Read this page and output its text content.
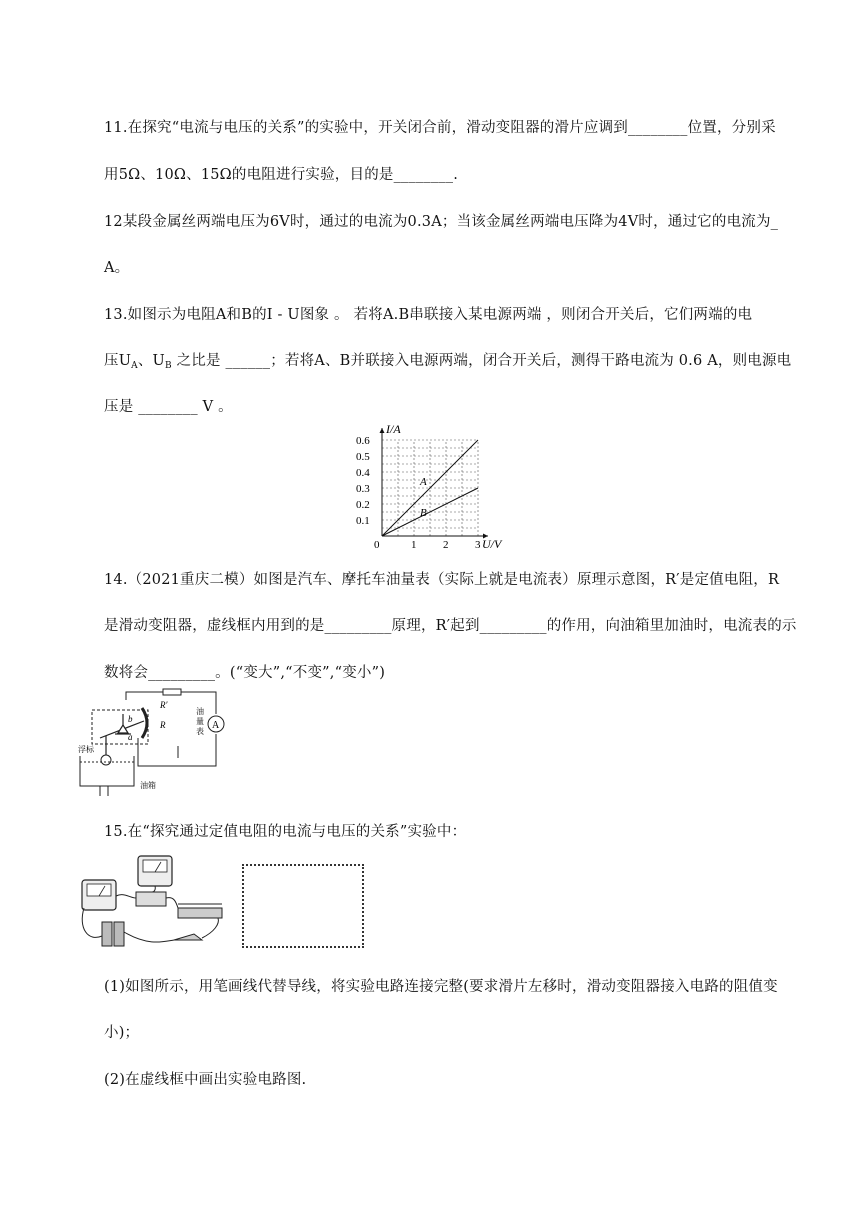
11.在探究“电流与电压的关系”的实验中，开关闭合前，滑动变阻器的滑片应调到________位置，分别采
用5Ω、10Ω、15Ω的电阻进行实验，目的是________.
12某段金属丝两端电压为6V时，通过的电流为0.3A；当该金属丝两端电压降为4V时，通过它的电流为_
A。
13.如图示为电阻A和B的I - U图象 。 若将A.B串联接入某电源两端 ，则闭合开关后，它们两端的电
压$U_A$、$U_B$ 之比是 ______；若将A、B并联接入电源两端，闭合开关后，测得干路电流为 0.6 A，则电源电
压是 ________ V 。
1 2 3
0.1
0.2
0.3
0.4
0.5
0.6
A
B
I/A
U/V
0
14.（2021重庆二模）如图是汽车、摩托车油量表（实际上就是电流表）原理示意图，R′是定值电阻，R
是滑动变阻器，虚线框内用到的是_________原理，R′起到_________的作用，向油箱里加油时，电流表的示
数将会_________。(“变大”,“不变”,“变小”)
R′
A
油 量 表
R
b
a
浮标
油箱
15.在“探究通过定值电阻的电流与电压的关系”实验中：
(1)如图所示，用笔画线代替导线，将实验电路连接完整(要求滑片左移时，滑动变阻器接入电路的阻值变
小)；
(2)在虚线框中画出实验电路图.
